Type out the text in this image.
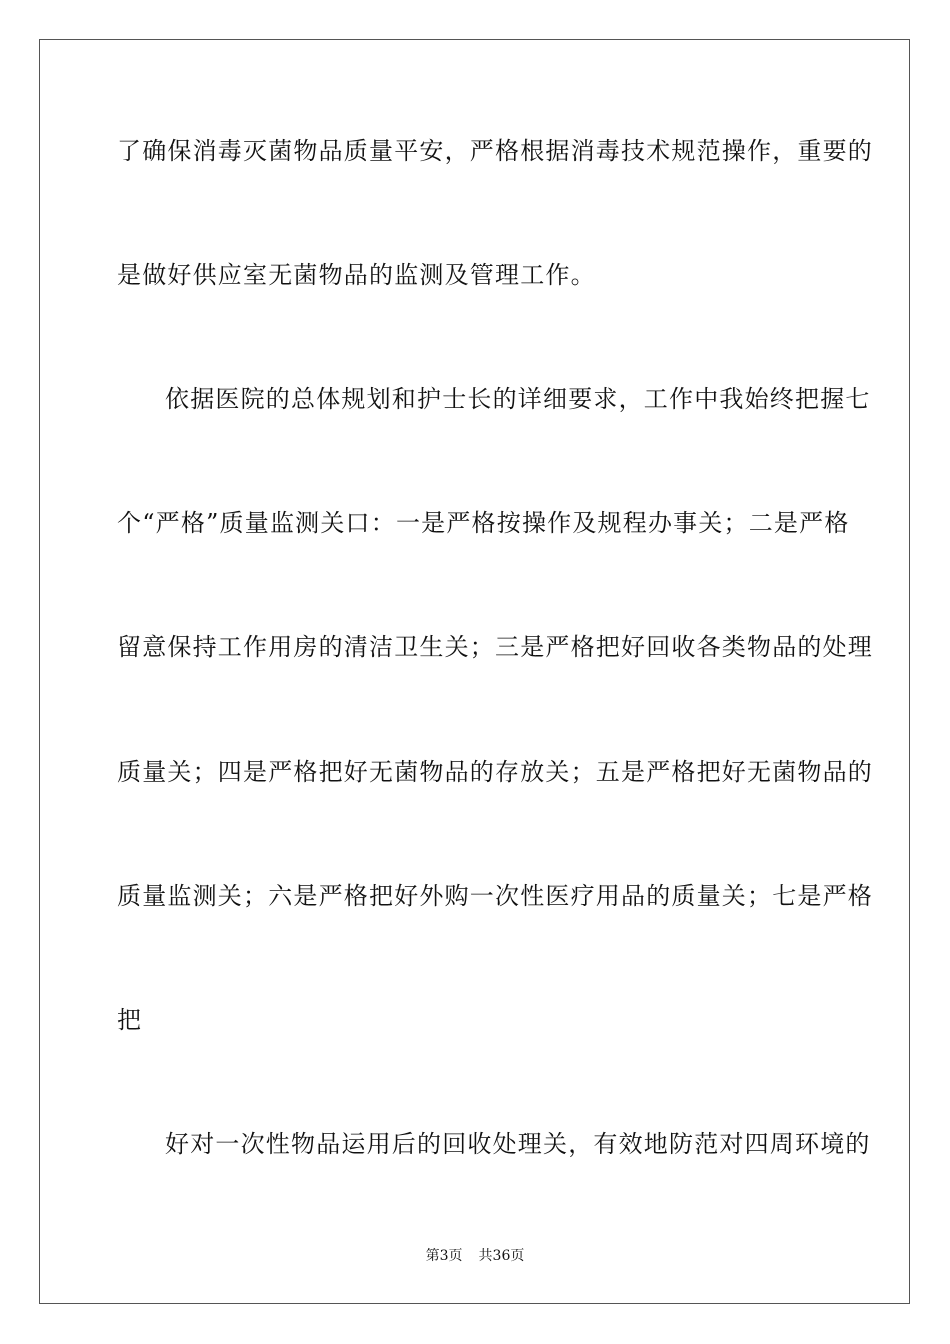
了确保消毒灭菌物品质量平安，严格根据消毒技术规范操作，重要的
是做好供应室无菌物品的监测及管理工作。
依据医院的总体规划和护士长的详细要求，工作中我始终把握七
个“严格”质量监测关口：一是严格按操作及规程办事关；二是严格
留意保持工作用房的清洁卫生关；三是严格把好回收各类物品的处理
质量关；四是严格把好无菌物品的存放关；五是严格把好无菌物品的
质量监测关；六是严格把好外购一次性医疗用品的质量关；七是严格
把
好对一次性物品运用后的回收处理关，有效地防范对四周环境的
第3页 共36页
